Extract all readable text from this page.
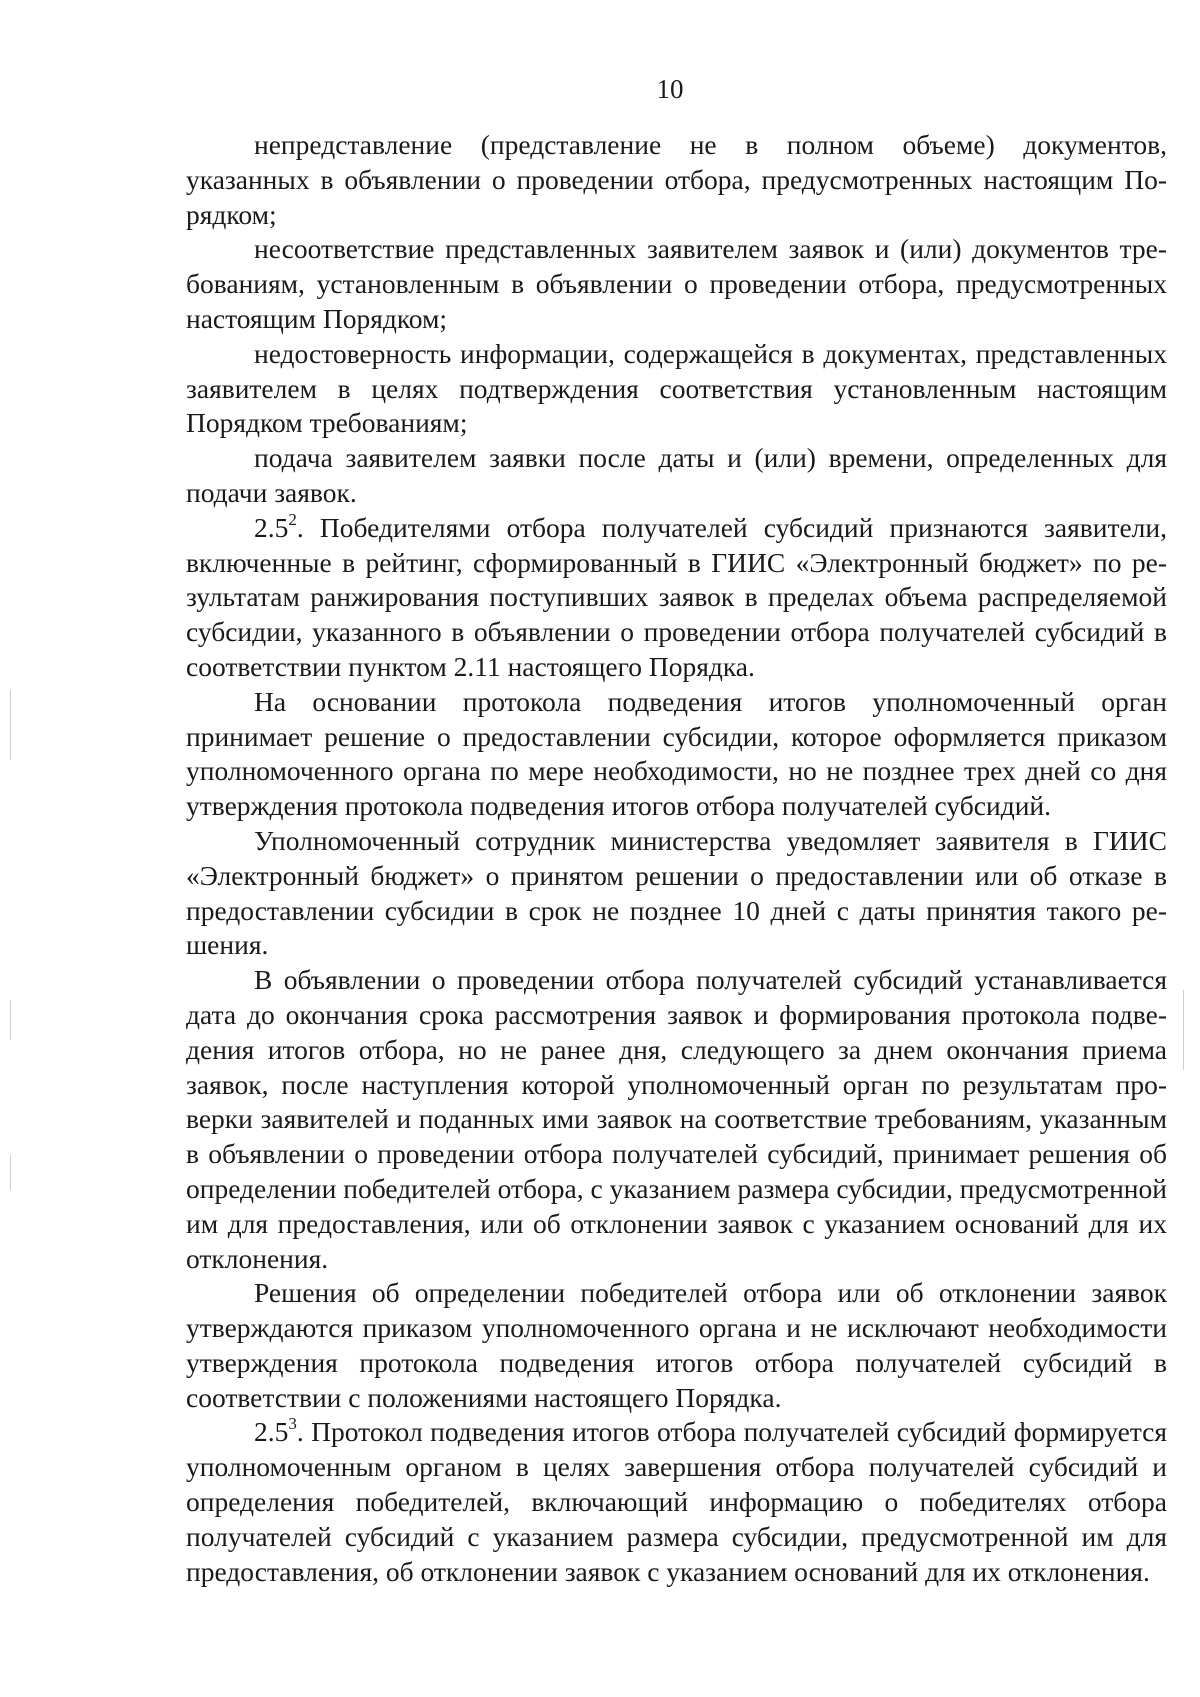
10

непредставление (представление не в полном объеме) документов, указанных в объявлении о проведении отбора, предусмотренных настоящим Порядком;

несоответствие представленных заявителем заявок и (или) документов требованиям, установленным в объявлении о проведении отбора, предусмотренных настоящим Порядком;

недостоверность информации, содержащейся в документах, представленных заявителем в целях подтверждения соответствия установленным настоящим Порядком требованиям;

подача заявителем заявки после даты и (или) времени, определенных для подачи заявок.

$2.5^2$. Победителями отбора получателей субсидий признаются заявители, включенные в рейтинг, сформированный в ГИИС «Электронный бюджет» по результатам ранжирования поступивших заявок в пределах объема распределяемой субсидии, указанного в объявлении о проведении отбора получателей субсидий в соответствии пунктом 2.11 настоящего Порядка.

На основании протокола подведения итогов уполномоченный орган принимает решение о предоставлении субсидии, которое оформляется приказом уполномоченного органа по мере необходимости, но не позднее трех дней со дня утверждения протокола подведения итогов отбора получателей субсидий.

Уполномоченный сотрудник министерства уведомляет заявителя в ГИИС «Электронный бюджет» о принятом решении о предоставлении или об отказе в предоставлении субсидии в срок не позднее 10 дней с даты принятия такого решения.

В объявлении о проведении отбора получателей субсидий устанавливается дата до окончания срока рассмотрения заявок и формирования протокола подведения итогов отбора, но не ранее дня, следующего за днем окончания приема заявок, после наступления которой уполномоченный орган по результатам проверки заявителей и поданных ими заявок на соответствие требованиям, указанным в объявлении о проведении отбора получателей субсидий, принимает решения об определении победителей отбора, с указанием размера субсидии, предусмотренной им для предоставления, или об отклонении заявок с указанием оснований для их отклонения.

Решения об определении победителей отбора или об отклонении заявок утверждаются приказом уполномоченного органа и не исключают необходимости утверждения протокола подведения итогов отбора получателей субсидий в соответствии с положениями настоящего Порядка.

$2.5^3$. Протокол подведения итогов отбора получателей субсидий формируется уполномоченным органом в целях завершения отбора получателей субсидий и определения победителей, включающий информацию о победителях отбора получателей субсидий с указанием размера субсидии, предусмотренной им для предоставления, об отклонении заявок с указанием оснований для их отклонения.
